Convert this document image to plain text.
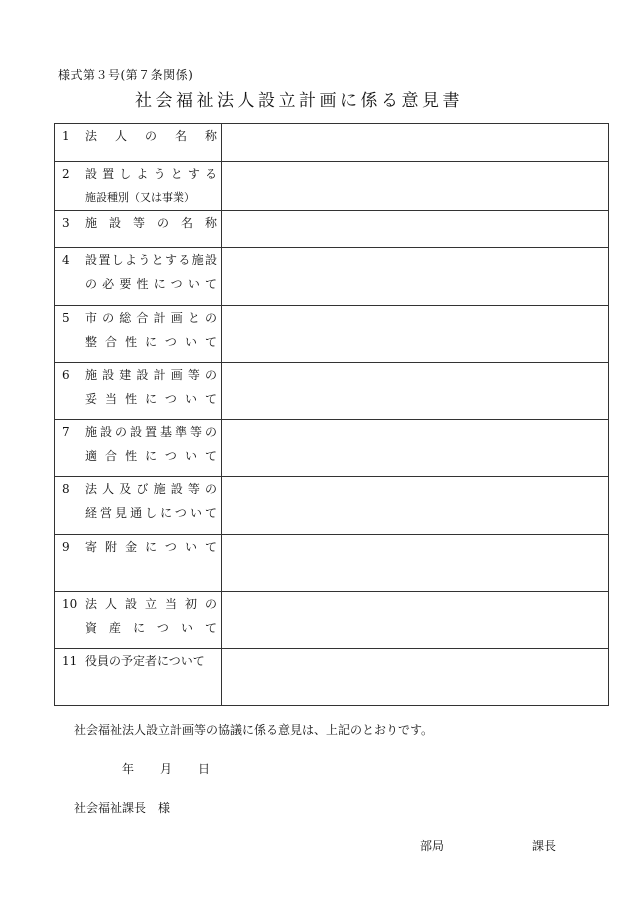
様式第３号(第７条関係)
社会福祉法人設立計画に係る意見書
1 法　人　の　名　称	

2 設置しようとする
施設種別（又は事業）	

3 施　設　等　の　名　称	

4 設置しようとする施設
の必要性について	

5 市の総合計画との
整合性について	

6 施設建設計画等の
妥当性について	

7 施設の設置基準等の
適合性について	

8 法人及び施設等の
経営見通しについて	

9 寄附金について	

10 法人設立当初の
資産について	

11 役員の予定者について	

社会福祉法人設立計画等の協議に係る意見は、上記のとおりです。
年 月 日
社会福祉課長　様
部局	課長
